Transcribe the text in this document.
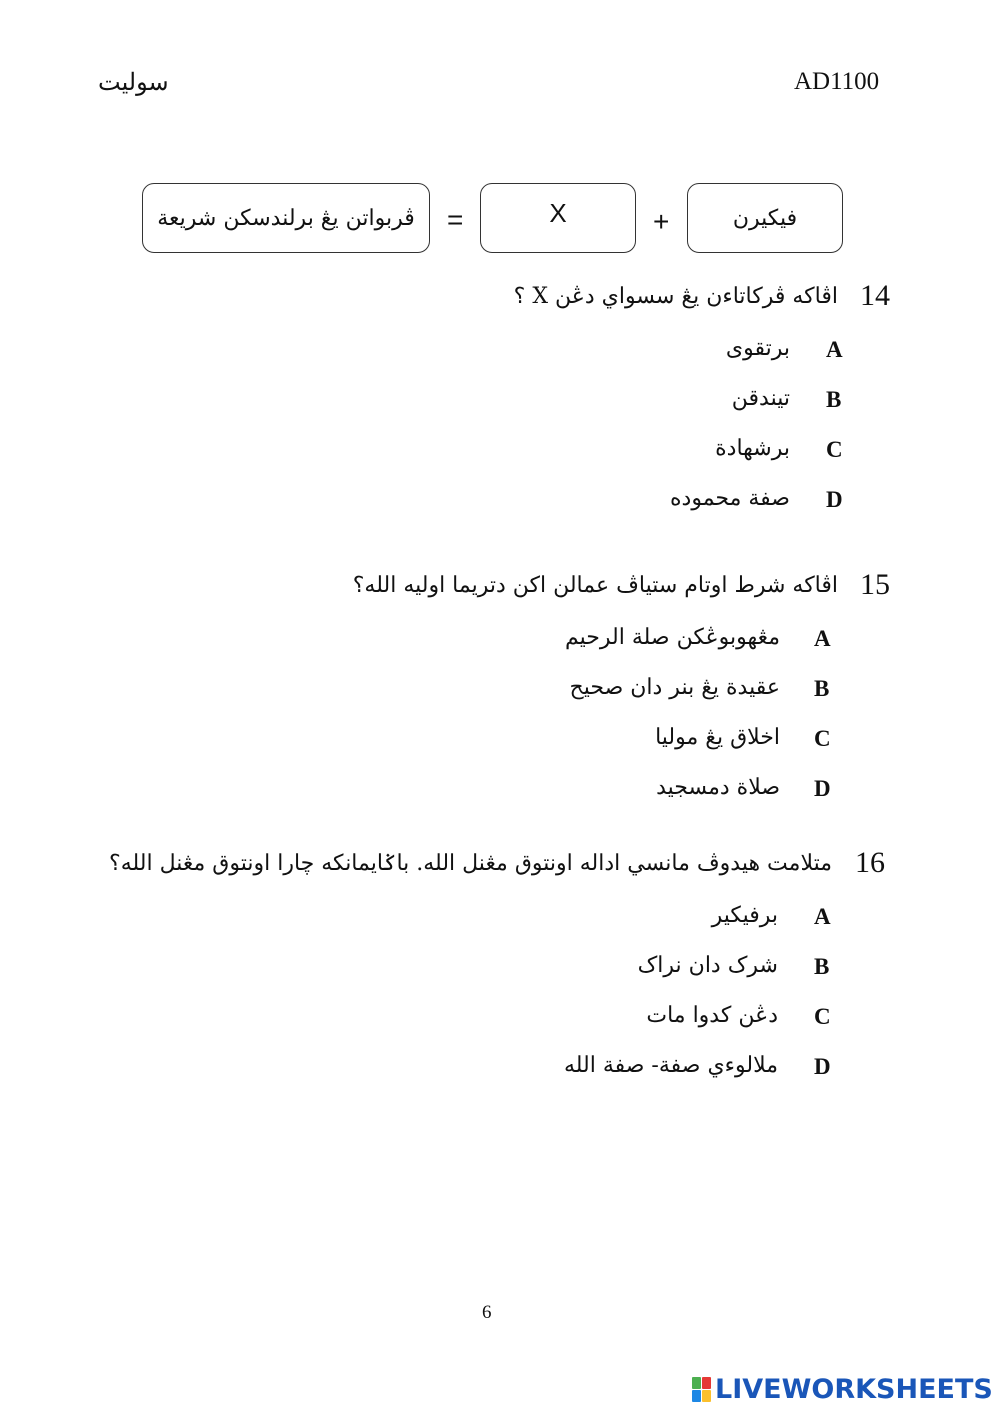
سوليت	AD1100
ڤربواتن يڠ برلندسكن شريعة =	X	+	فيكيرن
14
اڤاكه ڤرکاتاءن يڠ سسواي دڠن X ؟
A
برتقوى
B
تيندقن
C
برشهادة
D
صفة محموده
15
اڤاكه شرط اوتام ستياڤ عمالن اكن دتريما اوليه الله؟
A
مڠهوبوڠكن صلة الرحيم
B
عقيدة يڠ بنر دان صحيح
C
اخلاق يڠ موليا
D
صلاة دمسجيد
16
متلامت هيدوڤ مانسي اداله اونتوق مڠنل الله. باݢايمانكه چارا اونتوق مڠنل الله؟
A
برفيكير
B
شرک دان نراک
C
دڠن كدوا مات
D
ملالوءي صفة- صفة الله
6
LIVEWORKSHEETS
